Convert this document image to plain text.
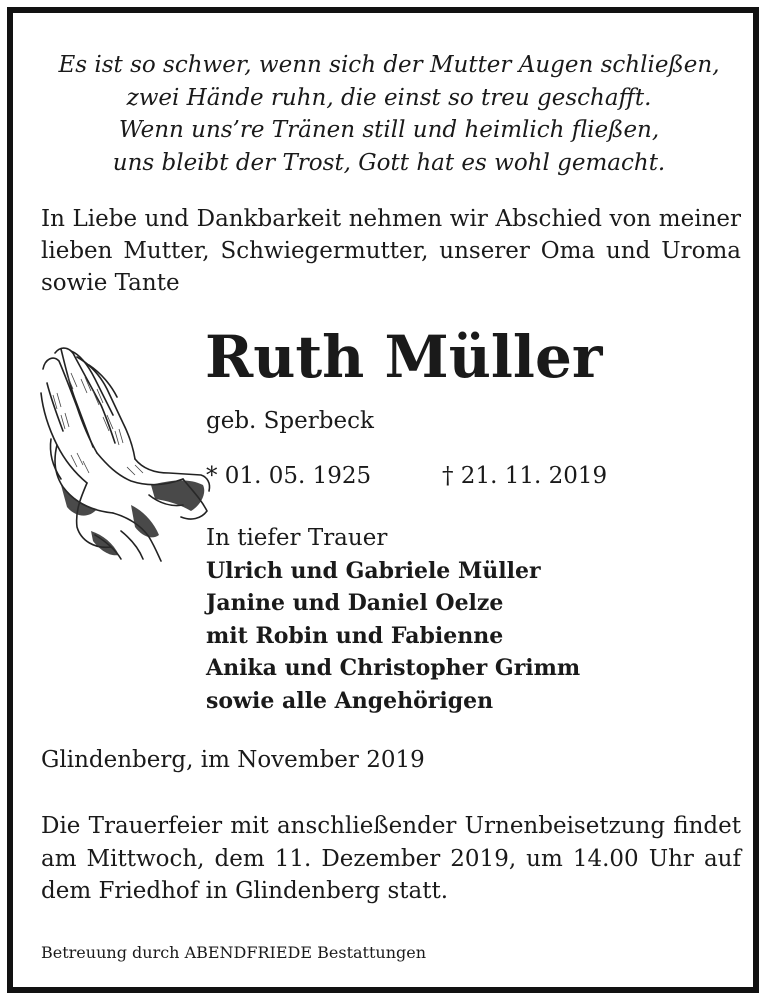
Es ist so schwer, wenn sich der Mutter Augen schließen,
zwei Hände ruhn, die einst so treu geschafft.
Wenn uns’re Tränen still und heimlich fließen,
uns bleibt der Trost, Gott hat es wohl gemacht.
In Liebe und Dankbarkeit nehmen wir Abschied von meiner
lieben Mutter, Schwiegermutter, unserer Oma und Uroma
sowie Tante
Ruth Müller
geb. Sperbeck
* 01. 05. 1925	† 21. 11. 2019
In tiefer Trauer
Ulrich und Gabriele Müller
Janine und Daniel Oelze
mit Robin und Fabienne
Anika und Christopher Grimm
sowie alle Angehörigen
Glindenberg, im November 2019
Die Trauerfeier mit anschließender Urnenbeisetzung findet
am Mittwoch, dem 11. Dezember 2019, um 14.00 Uhr auf
dem Friedhof in Glindenberg statt.
Betreuung durch ABENDFRIEDE Bestattungen
